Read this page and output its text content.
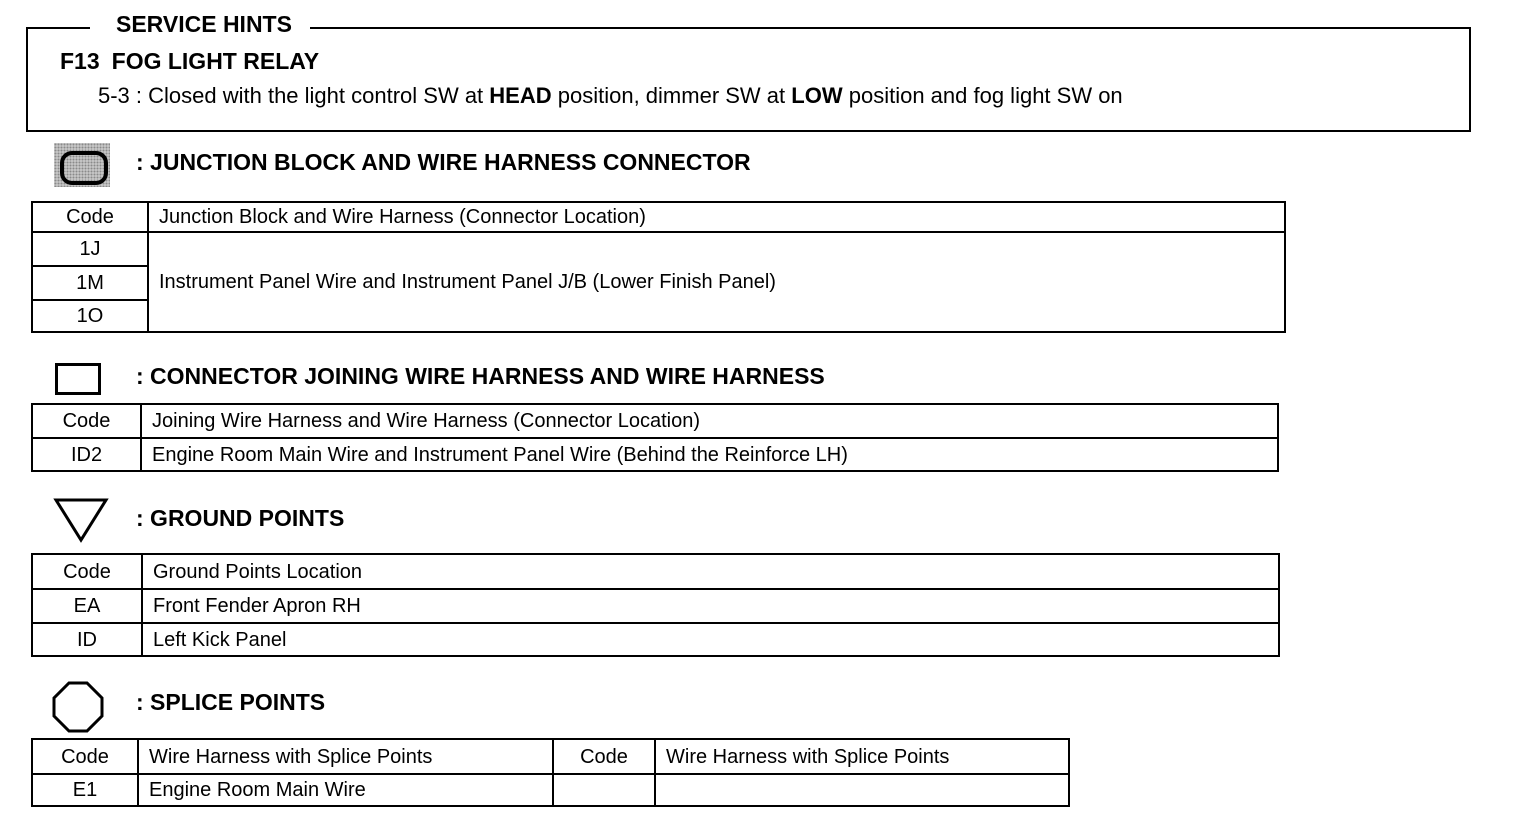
SERVICE HINTS
F13 FOG LIGHT RELAY
5-3 : Closed with the light control SW at HEAD position, dimmer SW at LOW position and fog light SW on
: JUNCTION BLOCK AND WIRE HARNESS CONNECTOR
Code	Junction Block and Wire Harness (Connector Location)
1J	Instrument Panel Wire and Instrument Panel J/B (Lower Finish Panel)
1M	
1O	
: CONNECTOR JOINING WIRE HARNESS AND WIRE HARNESS
Code	Joining Wire Harness and Wire Harness (Connector Location)
ID2	Engine Room Main Wire and Instrument Panel Wire (Behind the Reinforce LH)
: GROUND POINTS
Code	Ground Points Location
EA	Front Fender Apron RH
ID	Left Kick Panel
: SPLICE POINTS
Code	Wire Harness with Splice Points	Code	Wire Harness with Splice Points
E1	Engine Room Main Wire		
